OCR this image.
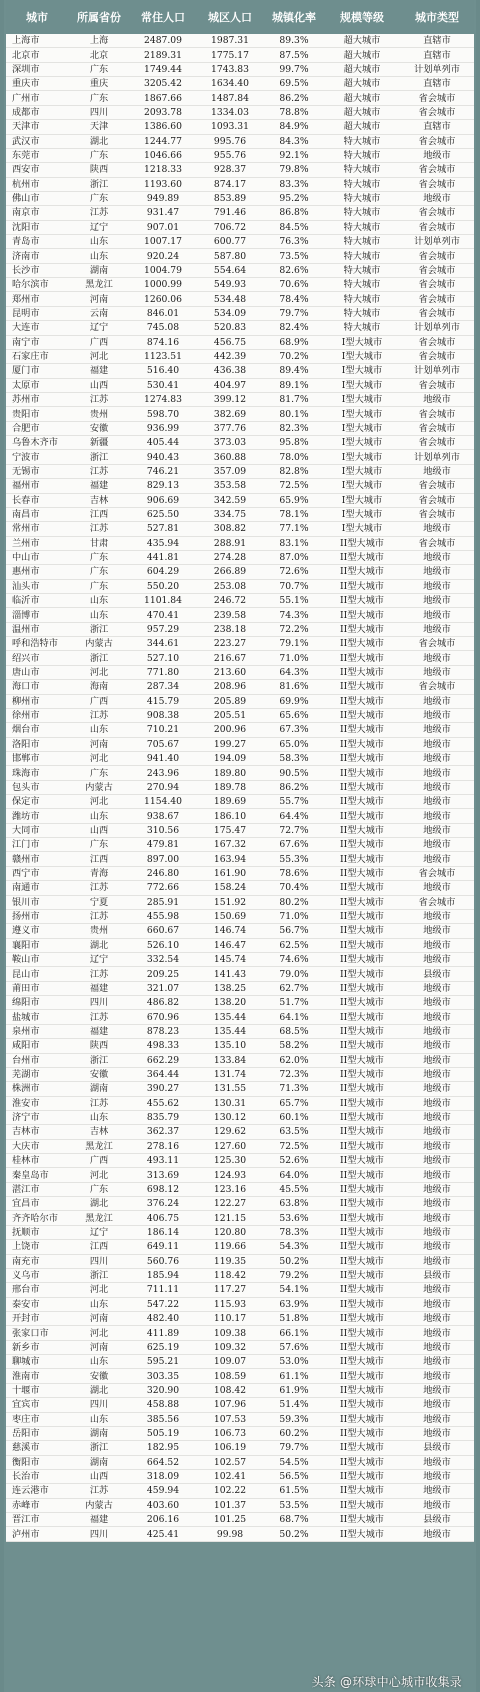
城市	所属省份	常住人口	城区人口	城镇化率	规模等级	城市类型
上海市	上海	2487.09	1987.31	89.3%	超大城市	直辖市
北京市	北京	2189.31	1775.17	87.5%	超大城市	直辖市
深圳市	广东	1749.44	1743.83	99.7%	超大城市	计划单列市
重庆市	重庆	3205.42	1634.40	69.5%	超大城市	直辖市
广州市	广东	1867.66	1487.84	86.2%	超大城市	省会城市
成都市	四川	2093.78	1334.03	78.8%	超大城市	省会城市
天津市	天津	1386.60	1093.31	84.9%	超大城市	直辖市
武汉市	湖北	1244.77	995.76	84.3%	特大城市	省会城市
东莞市	广东	1046.66	955.76	92.1%	特大城市	地级市
西安市	陕西	1218.33	928.37	79.8%	特大城市	省会城市
杭州市	浙江	1193.60	874.17	83.3%	特大城市	省会城市
佛山市	广东	949.89	853.89	95.2%	特大城市	地级市
南京市	江苏	931.47	791.46	86.8%	特大城市	省会城市
沈阳市	辽宁	907.01	706.72	84.5%	特大城市	省会城市
青岛市	山东	1007.17	600.77	76.3%	特大城市	计划单列市
济南市	山东	920.24	587.80	73.5%	特大城市	省会城市
长沙市	湖南	1004.79	554.64	82.6%	特大城市	省会城市
哈尔滨市	黑龙江	1000.99	549.93	70.6%	特大城市	省会城市
郑州市	河南	1260.06	534.48	78.4%	特大城市	省会城市
昆明市	云南	846.01	534.09	79.7%	特大城市	省会城市
大连市	辽宁	745.08	520.83	82.4%	特大城市	计划单列市
南宁市	广西	874.16	456.75	68.9%	I型大城市	省会城市
石家庄市	河北	1123.51	442.39	70.2%	I型大城市	省会城市
厦门市	福建	516.40	436.38	89.4%	I型大城市	计划单列市
太原市	山西	530.41	404.97	89.1%	I型大城市	省会城市
苏州市	江苏	1274.83	399.12	81.7%	I型大城市	地级市
贵阳市	贵州	598.70	382.69	80.1%	I型大城市	省会城市
合肥市	安徽	936.99	377.76	82.3%	I型大城市	省会城市
乌鲁木齐市	新疆	405.44	373.03	95.8%	I型大城市	省会城市
宁波市	浙江	940.43	360.88	78.0%	I型大城市	计划单列市
无锡市	江苏	746.21	357.09	82.8%	I型大城市	地级市
福州市	福建	829.13	353.58	72.5%	I型大城市	省会城市
长春市	吉林	906.69	342.59	65.9%	I型大城市	省会城市
南昌市	江西	625.50	334.75	78.1%	I型大城市	省会城市
常州市	江苏	527.81	308.82	77.1%	I型大城市	地级市
兰州市	甘肃	435.94	288.91	83.1%	II型大城市	省会城市
中山市	广东	441.81	274.28	87.0%	II型大城市	地级市
惠州市	广东	604.29	266.89	72.6%	II型大城市	地级市
汕头市	广东	550.20	253.08	70.7%	II型大城市	地级市
临沂市	山东	1101.84	246.72	55.1%	II型大城市	地级市
淄博市	山东	470.41	239.58	74.3%	II型大城市	地级市
温州市	浙江	957.29	238.18	72.2%	II型大城市	地级市
呼和浩特市	内蒙古	344.61	223.27	79.1%	II型大城市	省会城市
绍兴市	浙江	527.10	216.67	71.0%	II型大城市	地级市
唐山市	河北	771.80	213.60	64.3%	II型大城市	地级市
海口市	海南	287.34	208.96	81.6%	II型大城市	省会城市
柳州市	广西	415.79	205.89	69.9%	II型大城市	地级市
徐州市	江苏	908.38	205.51	65.6%	II型大城市	地级市
烟台市	山东	710.21	200.96	67.3%	II型大城市	地级市
洛阳市	河南	705.67	199.27	65.0%	II型大城市	地级市
邯郸市	河北	941.40	194.09	58.3%	II型大城市	地级市
珠海市	广东	243.96	189.80	90.5%	II型大城市	地级市
包头市	内蒙古	270.94	189.78	86.2%	II型大城市	地级市
保定市	河北	1154.40	189.69	55.7%	II型大城市	地级市
潍坊市	山东	938.67	186.10	64.4%	II型大城市	地级市
大同市	山西	310.56	175.47	72.7%	II型大城市	地级市
江门市	广东	479.81	167.32	67.6%	II型大城市	地级市
赣州市	江西	897.00	163.94	55.3%	II型大城市	地级市
西宁市	青海	246.80	161.90	78.6%	II型大城市	省会城市
南通市	江苏	772.66	158.24	70.4%	II型大城市	地级市
银川市	宁夏	285.91	151.92	80.2%	II型大城市	省会城市
扬州市	江苏	455.98	150.69	71.0%	II型大城市	地级市
遵义市	贵州	660.67	146.74	56.7%	II型大城市	地级市
襄阳市	湖北	526.10	146.47	62.5%	II型大城市	地级市
鞍山市	辽宁	332.54	145.74	74.6%	II型大城市	地级市
昆山市	江苏	209.25	141.43	79.0%	II型大城市	县级市
莆田市	福建	321.07	138.25	62.7%	II型大城市	地级市
绵阳市	四川	486.82	138.20	51.7%	II型大城市	地级市
盐城市	江苏	670.96	135.44	64.1%	II型大城市	地级市
泉州市	福建	878.23	135.44	68.5%	II型大城市	地级市
咸阳市	陕西	498.33	135.10	58.2%	II型大城市	地级市
台州市	浙江	662.29	133.84	62.0%	II型大城市	地级市
芜湖市	安徽	364.44	131.74	72.3%	II型大城市	地级市
株洲市	湖南	390.27	131.55	71.3%	II型大城市	地级市
淮安市	江苏	455.62	130.31	65.7%	II型大城市	地级市
济宁市	山东	835.79	130.12	60.1%	II型大城市	地级市
吉林市	吉林	362.37	129.62	63.5%	II型大城市	地级市
大庆市	黑龙江	278.16	127.60	72.5%	II型大城市	地级市
桂林市	广西	493.11	125.30	52.6%	II型大城市	地级市
秦皇岛市	河北	313.69	124.93	64.0%	II型大城市	地级市
湛江市	广东	698.12	123.16	45.5%	II型大城市	地级市
宜昌市	湖北	376.24	122.27	63.8%	II型大城市	地级市
齐齐哈尔市	黑龙江	406.75	121.15	53.6%	II型大城市	地级市
抚顺市	辽宁	186.14	120.80	78.3%	II型大城市	地级市
上饶市	江西	649.11	119.66	54.3%	II型大城市	地级市
南充市	四川	560.76	119.35	50.2%	II型大城市	地级市
义乌市	浙江	185.94	118.42	79.2%	II型大城市	县级市
邢台市	河北	711.11	117.27	54.1%	II型大城市	地级市
泰安市	山东	547.22	115.93	63.9%	II型大城市	地级市
开封市	河南	482.40	110.17	51.8%	II型大城市	地级市
张家口市	河北	411.89	109.38	66.1%	II型大城市	地级市
新乡市	河南	625.19	109.32	57.6%	II型大城市	地级市
聊城市	山东	595.21	109.07	53.0%	II型大城市	地级市
淮南市	安徽	303.35	108.59	61.1%	II型大城市	地级市
十堰市	湖北	320.90	108.42	61.9%	II型大城市	地级市
宜宾市	四川	458.88	107.96	51.4%	II型大城市	地级市
枣庄市	山东	385.56	107.53	59.3%	II型大城市	地级市
岳阳市	湖南	505.19	106.73	60.2%	II型大城市	地级市
慈溪市	浙江	182.95	106.19	79.7%	II型大城市	县级市
衡阳市	湖南	664.52	102.57	54.5%	II型大城市	地级市
长治市	山西	318.09	102.41	56.5%	II型大城市	地级市
连云港市	江苏	459.94	102.22	61.5%	II型大城市	地级市
赤峰市	内蒙古	403.60	101.37	53.5%	II型大城市	地级市
晋江市	福建	206.16	101.25	68.7%	II型大城市	县级市
泸州市	四川	425.41	99.98	50.2%	II型大城市	地级市
头条 @环球中心城市收集录
